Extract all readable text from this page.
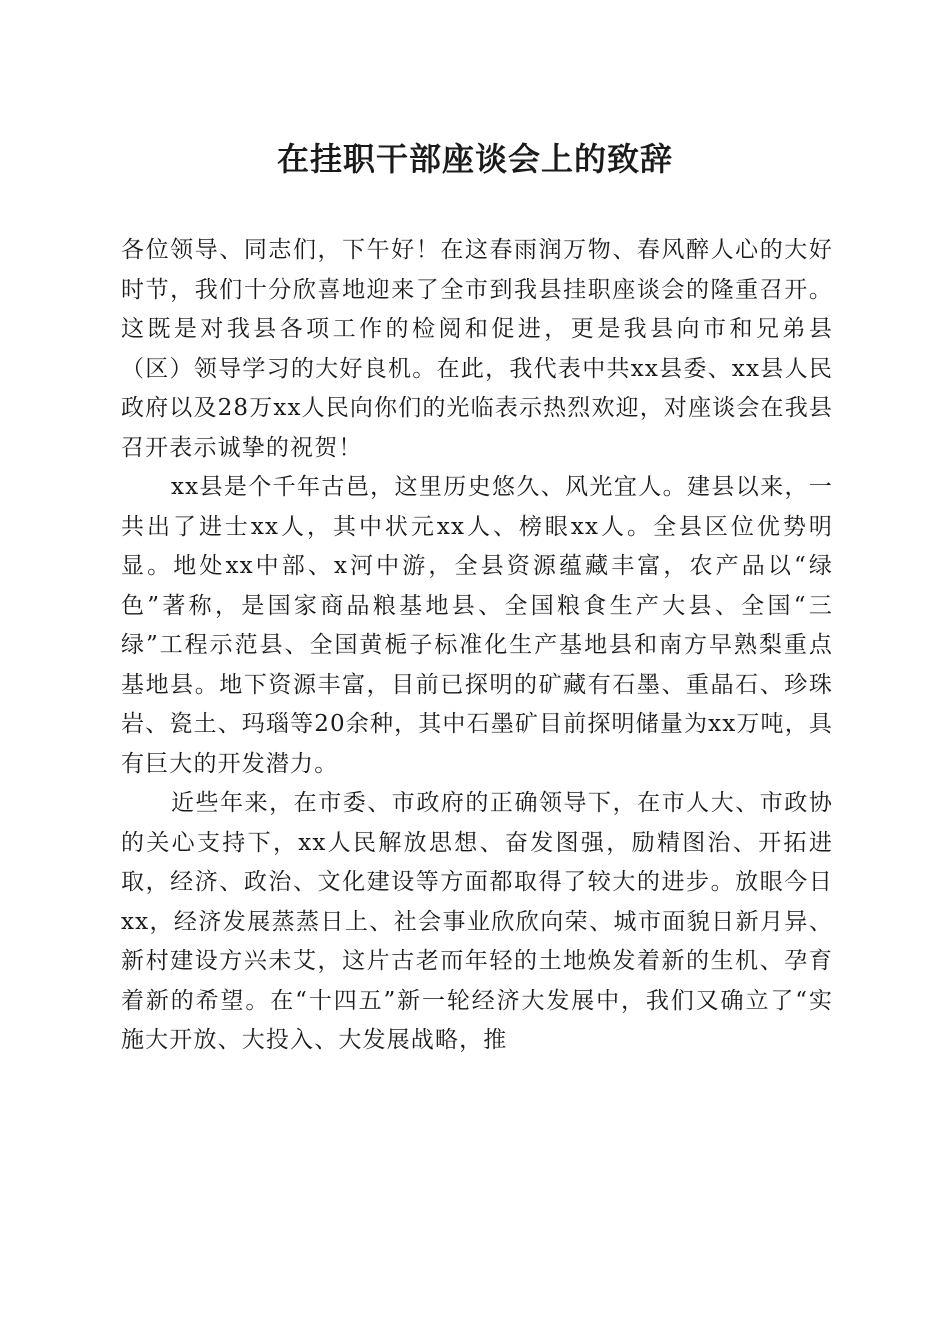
在挂职干部座谈会上的致辞

各位领导、同志们，下午好！在这春雨润万物、春风醉人心的大好时节，我们十分欣喜地迎来了全市到我县挂职座谈会的隆重召开。这既是对我县各项工作的检阅和促进，更是我县向市和兄弟县（区）领导学习的大好良机。在此，我代表中共xx县委、xx县人民政府以及28万xx人民向你们的光临表示热烈欢迎，对座谈会在我县召开表示诚挚的祝贺！

xx县是个千年古邑，这里历史悠久、风光宜人。建县以来，一共出了进士xx人，其中状元xx人、榜眼xx人。全县区位优势明显。地处xx中部、x河中游，全县资源蕴藏丰富，农产品以“绿色”著称，是国家商品粮基地县、全国粮食生产大县、全国“三绿”工程示范县、全国黄栀子标准化生产基地县和南方早熟梨重点基地县。地下资源丰富，目前已探明的矿藏有石墨、重晶石、珍珠岩、瓷土、玛瑙等20余种，其中石墨矿目前探明储量为xx万吨，具有巨大的开发潜力。

近些年来，在市委、市政府的正确领导下，在市人大、市政协的关心支持下，xx人民解放思想、奋发图强，励精图治、开拓进取，经济、政治、文化建设等方面都取得了较大的进步。放眼今日xx，经济发展蒸蒸日上、社会事业欣欣向荣、城市面貌日新月异、新村建设方兴未艾，这片古老而年轻的土地焕发着新的生机、孕育着新的希望。在“十四五”新一轮经济大发展中，我们又确立了“实施大开放、大投入、大发展战略，推
